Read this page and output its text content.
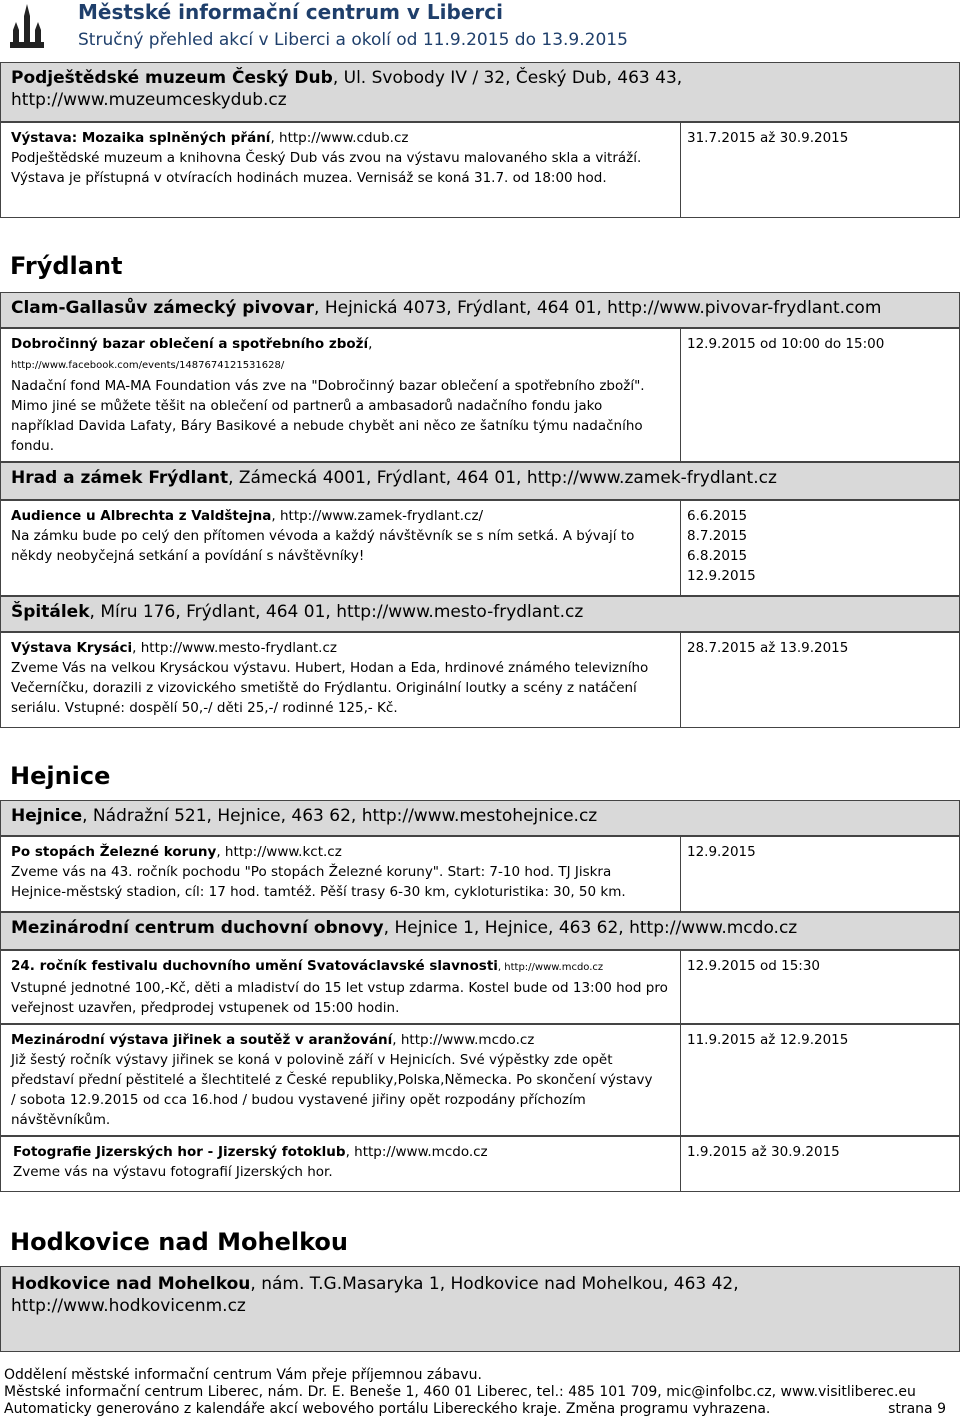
Městské informační centrum v Liberci
Stručný přehled akcí v Liberci a okolí od 11.9.2015 do 13.9.2015
Podještědské muzeum Český Dub, Ul. Svobody IV / 32, Český Dub, 463 43,
http://www.muzeumceskydub.cz
Výstava: Mozaika splněných přání, http://www.cdub.cz
Podještědské muzeum a knihovna Český Dub vás zvou na výstavu malovaného skla a vitráží. Výstava je přístupná v otvíracích hodinách muzea. Vernisáž se koná 31.7. od 18:00 hod.
31.7.2015 až 30.9.2015
Frýdlant
Clam-Gallasův zámecký pivovar, Hejnická 4073, Frýdlant, 464 01, http://www.pivovar-frydlant.com
Dobročinný bazar oblečení a spotřebního zboží,
http://www.facebook.com/events/1487674121531628/
Nadační fond MA-MA Foundation vás zve na "Dobročinný bazar oblečení a spotřebního zboží". Mimo jiné se můžete těšit na oblečení od partnerů a ambasadorů nadačního fondu jako například Davida Lafaty, Báry Basikové a nebude chybět ani něco ze šatníku týmu nadačního fondu.
12.9.2015 od 10:00 do 15:00
Hrad a zámek Frýdlant, Zámecká 4001, Frýdlant, 464 01, http://www.zamek-frydlant.cz
Audience u Albrechta z Valdštejna, http://www.zamek-frydlant.cz/
Na zámku bude po celý den přítomen vévoda a každý návštěvník se s ním setká. A bývají to někdy neobyčejná setkání a povídání s návštěvníky!
6.6.2015
8.7.2015
6.8.2015
12.9.2015
Špitálek, Míru 176, Frýdlant, 464 01, http://www.mesto-frydlant.cz
Výstava Krysáci, http://www.mesto-frydlant.cz
Zveme Vás na velkou Krysáckou výstavu. Hubert, Hodan a Eda, hrdinové známého televizního Večerníčku, dorazili z vizovického smetiště do Frýdlantu. Originální loutky a scény z natáčení seriálu. Vstupné: dospělí 50,-/ děti 25,-/ rodinné 125,- Kč.
28.7.2015 až 13.9.2015
Hejnice
Hejnice, Nádražní 521, Hejnice, 463 62, http://www.mestohejnice.cz
Po stopách Železné koruny, http://www.kct.cz
Zveme vás na 43. ročník pochodu "Po stopách Železné koruny". Start: 7-10 hod. TJ Jiskra Hejnice-městský stadion, cíl: 17 hod. tamtéž. Pěší trasy 6-30 km, cykloturistika: 30, 50 km.
12.9.2015
Mezinárodní centrum duchovní obnovy, Hejnice 1, Hejnice, 463 62, http://www.mcdo.cz
24. ročník festivalu duchovního umění Svatováclavské slavnosti, http://www.mcdo.cz
Vstupné jednotné 100,-Kč, děti a mladiství do 15 let vstup zdarma. Kostel bude od 13:00 hod pro veřejnost uzavřen, předprodej vstupenek od 15:00 hodin.
12.9.2015 od 15:30
Mezinárodní výstava jiřinek a soutěž v aranžování, http://www.mcdo.cz
Již šestý ročník výstavy jiřinek se koná v polovině září v Hejnicích. Své výpěstky zde opět představí přední pěstitelé a šlechtitelé z České republiky,Polska,Německa. Po skončení výstavy / sobota 12.9.2015 od cca 16.hod / budou vystavené jiřiny opět rozpodány příchozím návštěvníkům.
11.9.2015 až 12.9.2015
Fotografie Jizerských hor - Jizerský fotoklub, http://www.mcdo.cz
Zveme vás na výstavu fotografií Jizerských hor.
1.9.2015 až 30.9.2015
Hodkovice nad Mohelkou
Hodkovice nad Mohelkou, nám. T.G.Masaryka 1, Hodkovice nad Mohelkou, 463 42,
http://www.hodkovicenm.cz
Oddělení městské informační centrum Vám přeje příjemnou zábavu.
Městské informační centrum Liberec, nám. Dr. E. Beneše 1, 460 01 Liberec, tel.: 485 101 709, mic@infolbc.cz, www.visitliberec.eu
Automaticky generováno z kalendáře akcí webového portálu Libereckého kraje. Změna programu vyhrazena.	strana 9
